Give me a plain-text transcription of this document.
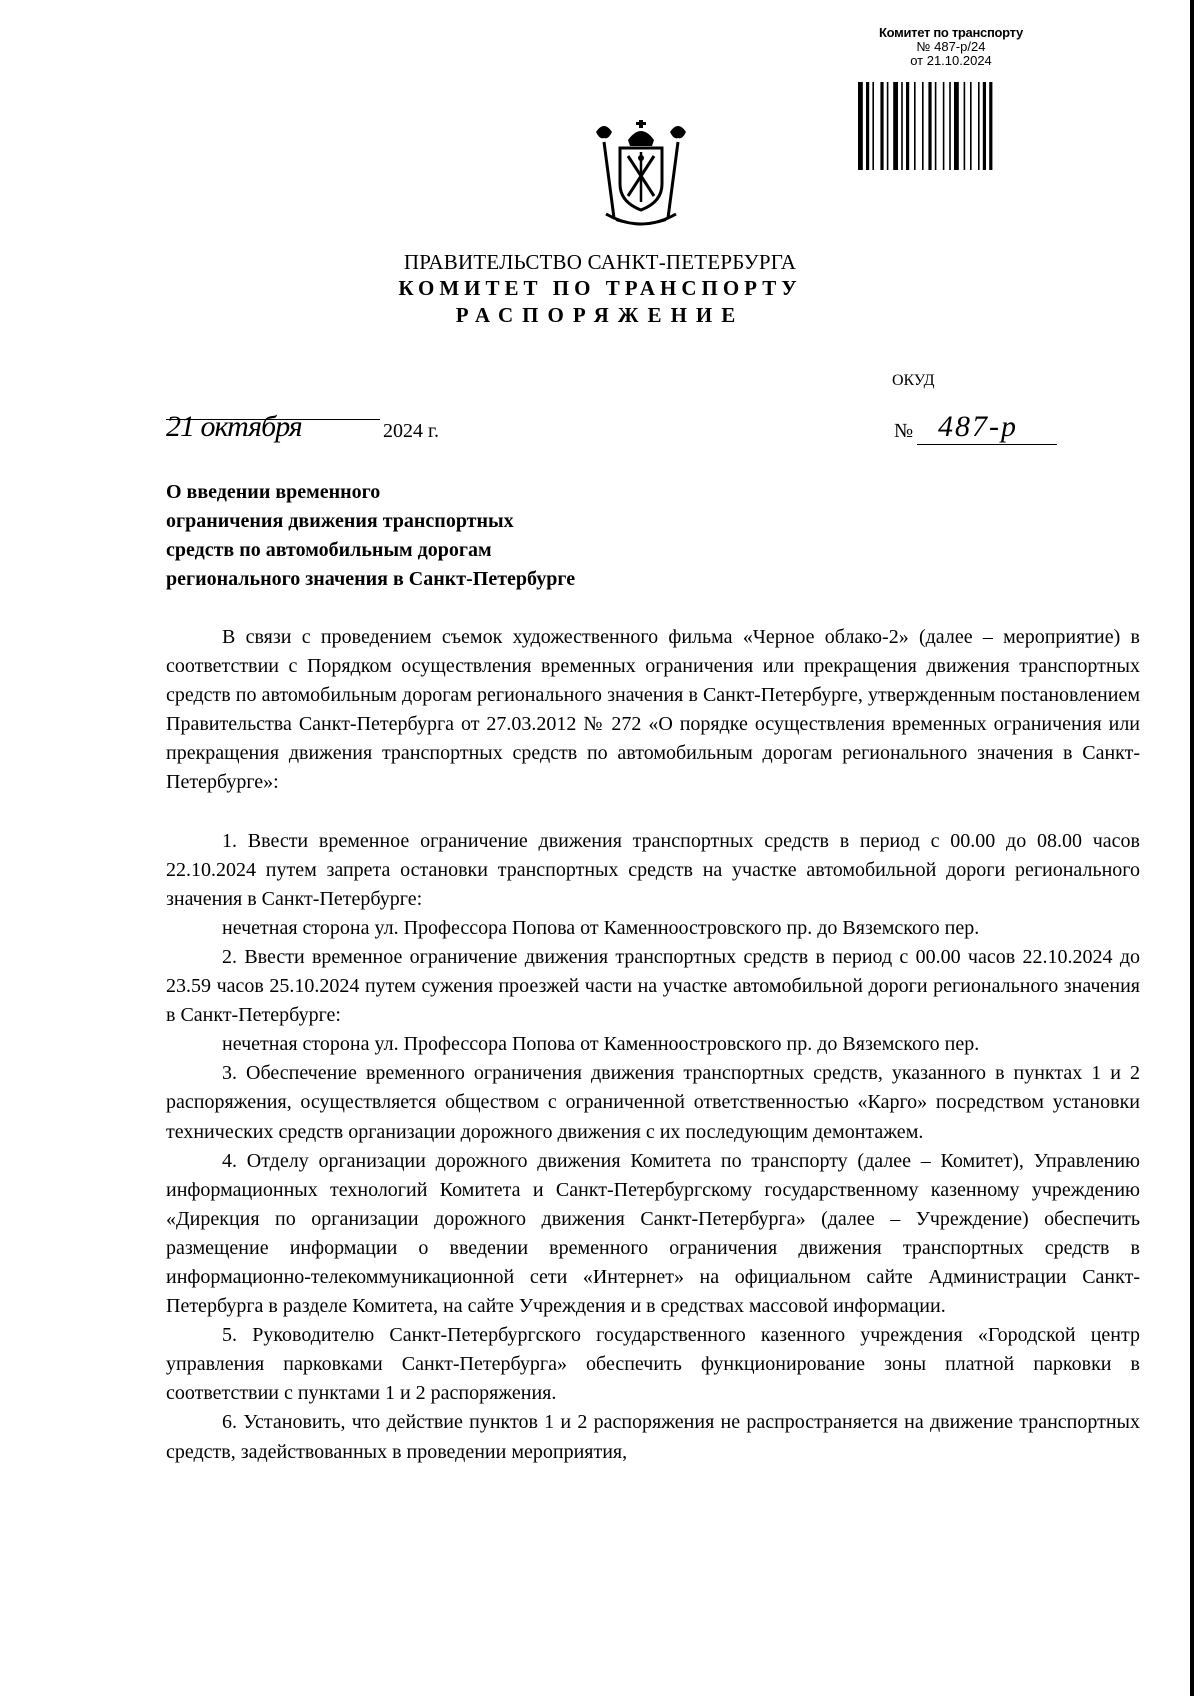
Комитет по транспорту
№ 487-р/24
от 21.10.2024
ПРАВИТЕЛЬСТВО САНКТ-ПЕТЕРБУРГА
КОМИТЕТ ПО ТРАНСПОРТУ
РАСПОРЯЖЕНИЕ
ОКУД
21 октября	2024 г.	№ 487-р
О введении временного
ограничения движения транспортных
средств по автомобильным дорогам
регионального значения в Санкт-Петербурге

В связи с проведением съемок художественного фильма «Черное облако-2» (далее – мероприятие) в соответствии с Порядком осуществления временных ограничения или прекращения движения транспортных средств по автомобильным дорогам регионального значения в Санкт-Петербурге, утвержденным постановлением Правительства Санкт-Петербурга от 27.03.2012 № 272 «О порядке осуществления временных ограничения или прекращения движения транспортных средств по автомобильным дорогам регионального значения в Санкт-Петербурге»:

1. Ввести временное ограничение движения транспортных средств в период с 00.00 до 08.00 часов 22.10.2024 путем запрета остановки транспортных средств на участке автомобильной дороги регионального значения в Санкт-Петербурге:

нечетная сторона ул. Профессора Попова от Каменноостровского пр. до Вяземского пер.

2. Ввести временное ограничение движения транспортных средств в период с 00.00 часов 22.10.2024 до 23.59 часов 25.10.2024 путем сужения проезжей части на участке автомобильной дороги регионального значения в Санкт-Петербурге:

нечетная сторона ул. Профессора Попова от Каменноостровского пр. до Вяземского пер.

3. Обеспечение временного ограничения движения транспортных средств, указанного в пунктах 1 и 2 распоряжения, осуществляется обществом с ограниченной ответственностью «Карго» посредством установки технических средств организации дорожного движения с их последующим демонтажем.

4. Отделу организации дорожного движения Комитета по транспорту (далее – Комитет), Управлению информационных технологий Комитета и Санкт-Петербургскому государственному казенному учреждению «Дирекция по организации дорожного движения Санкт-Петербурга» (далее – Учреждение) обеспечить размещение информации о введении временного ограничения движения транспортных средств в информационно-телекоммуникационной сети «Интернет» на официальном сайте Администрации Санкт-Петербурга в разделе Комитета, на сайте Учреждения и в средствах массовой информации.

5. Руководителю Санкт-Петербургского государственного казенного учреждения «Городской центр управления парковками Санкт-Петербурга» обеспечить функционирование зоны платной парковки в соответствии с пунктами 1 и 2 распоряжения.

6. Установить, что действие пунктов 1 и 2 распоряжения не распространяется на движение транспортных средств, задействованных в проведении мероприятия,
